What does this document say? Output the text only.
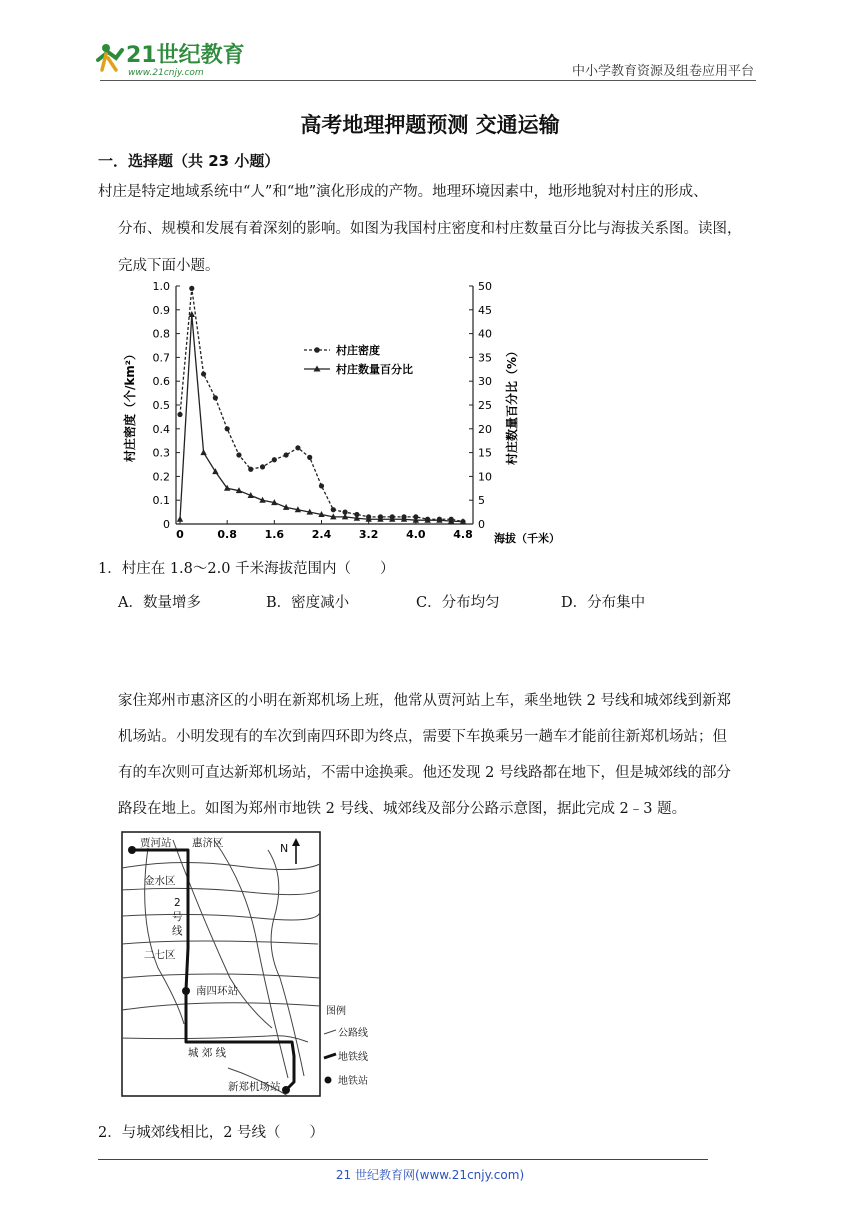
21世纪教育
www.21cnjy.com	中小学教育资源及组卷应用平台
高考地理押题预测 交通运输
一．选择题（共 23 小题）
村庄是特定地域系统中“人”和“地”演化形成的产物。地理环境因素中，地形地貌对村庄的形成、
分布、规模和发展有着深刻的影响。如图为我国村庄密度和村庄数量百分比与海拔关系图。读图，
完成下面小题。
0
0.1
0.2
0.3
0.4
0.5
0.6
0.7
0.8
0.9
1.0
0
5
10
15
20
25
30
35
40
45
50
0	0.8	1.6	2.4	3.2	4.0	4.8 海拔（千米）
村庄密度（个/km²）	村庄数量百分比（%）
村庄密度
村庄数量百分比
1．村庄在 1.8～2.0 千米海拔范围内（　　）
A．数量增多	B．密度减小	C．分布均匀	D．分布集中
家住郑州市惠济区的小明在新郑机场上班，他常从贾河站上车，乘坐地铁 2 号线和城郊线到新郑
机场站。小明发现有的车次到南四环即为终点，需要下车换乘另一趟车才能前往新郑机场站；但
有的车次则可直达新郑机场站，不需中途换乘。他还发现 2 号线路都在地下，但是城郊线的部分
路段在地上。如图为郑州市地铁 2 号线、城郊线及部分公路示意图，据此完成 2﹣3 题。
贾河站 惠济区
金水区
2
号
线
二七区
南四环站
城 郊 线
新郑机场站
N
图例
公路线
地铁线
地铁站
2．与城郊线相比，2 号线（　　）
21 世纪教育网(www.21cnjy.com)
